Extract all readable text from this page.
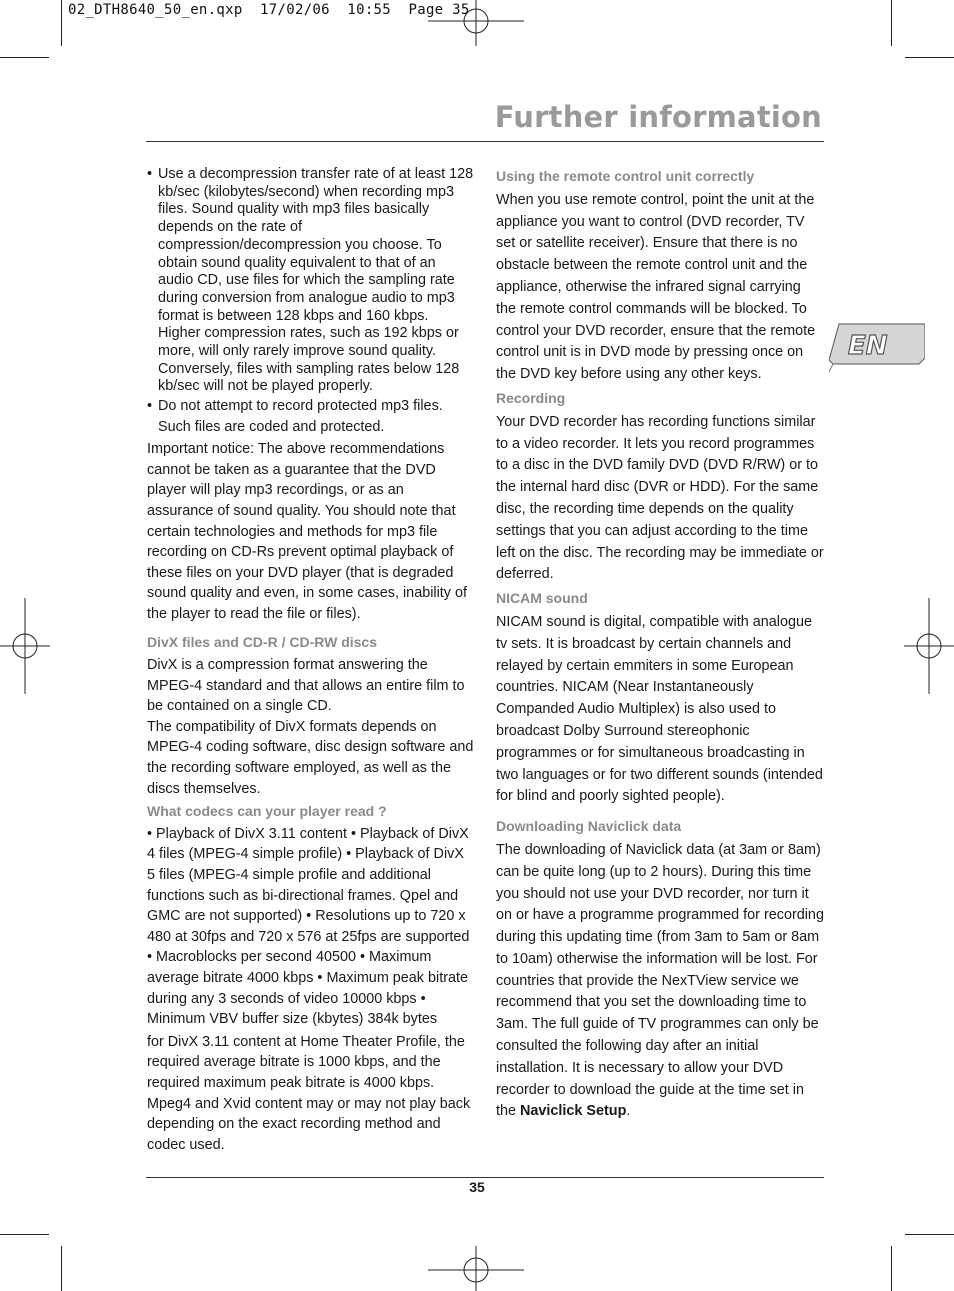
02_DTH8640_50_en.qxp 17/02/06 10:55 Page 35
Further information
EN

• Use a decompression transfer rate of at least 128 kb/sec (kilobytes/second) when recording mp3 files. Sound quality with mp3 files basically depends on the rate of compression/decompression you choose. To obtain sound quality equivalent to that of an audio CD, use files for which the sampling rate during conversion from analogue audio to mp3 format is between 128 kbps and 160 kbps. Higher compression rates, such as 192 kbps or more, will only rarely improve sound quality. Conversely, files with sampling rates below 128 kb/sec will not be played properly.

• Do not attempt to record protected mp3 files. Such files are coded and protected.

Important notice: The above recommendations cannot be taken as a guarantee that the DVD player will play mp3 recordings, or as an assurance of sound quality. You should note that certain technologies and methods for mp3 file recording on CD-Rs prevent optimal playback of these files on your DVD player (that is degraded sound quality and even, in some cases, inability of the player to read the file or files).

DivX files and CD-R / CD-RW discs

DivX is a compression format answering the MPEG-4 standard and that allows an entire film to be contained on a single CD.

The compatibility of DivX formats depends on MPEG-4 coding software, disc design software and the recording software employed, as well as the discs themselves.

What codecs can your player read ?

• Playback of DivX 3.11 content • Playback of DivX 4 files (MPEG-4 simple profile) • Playback of DivX 5 files (MPEG-4 simple profile and additional functions such as bi-directional frames. Qpel and GMC are not supported) • Resolutions up to 720 x 480 at 30fps and 720 x 576 at 25fps are supported • Macroblocks per second 40500 • Maximum average bitrate 4000 kbps • Maximum peak bitrate during any 3 seconds of video 10000 kbps • Minimum VBV buffer size (kbytes) 384k bytes

for DivX 3.11 content at Home Theater Profile, the required average bitrate is 1000 kbps, and the required maximum peak bitrate is 4000 kbps. Mpeg4 and Xvid content may or may not play back depending on the exact recording method and codec used.

Using the remote control unit correctly

When you use remote control, point the unit at the appliance you want to control (DVD recorder, TV set or satellite receiver). Ensure that there is no obstacle between the remote control unit and the appliance, otherwise the infrared signal carrying the remote control commands will be blocked. To control your DVD recorder, ensure that the remote control unit is in DVD mode by pressing once on the DVD key before using any other keys.

Recording

Your DVD recorder has recording functions similar to a video recorder. It lets you record programmes to a disc in the DVD family DVD (DVD R/RW) or to the internal hard disc (DVR or HDD). For the same disc, the recording time depends on the quality settings that you can adjust according to the time left on the disc. The recording may be immediate or deferred.

NICAM sound

NICAM sound is digital, compatible with analogue tv sets. It is broadcast by certain channels and relayed by certain emmiters in some European countries. NICAM (Near Instantaneously Companded Audio Multiplex) is also used to broadcast Dolby Surround stereophonic programmes or for simultaneous broadcasting in two languages or for two different sounds (intended for blind and poorly sighted people).

Downloading Naviclick data

The downloading of Naviclick data (at 3am or 8am) can be quite long (up to 2 hours). During this time you should not use your DVD recorder, nor turn it on or have a programme programmed for recording during this updating time (from 3am to 5am or 8am to 10am) otherwise the information will be lost. For countries that provide the NexTView service we recommend that you set the downloading time to 3am. The full guide of TV programmes can only be consulted the following day after an initial installation. It is necessary to allow your DVD recorder to download the guide at the time set in the Naviclick Setup.

35
